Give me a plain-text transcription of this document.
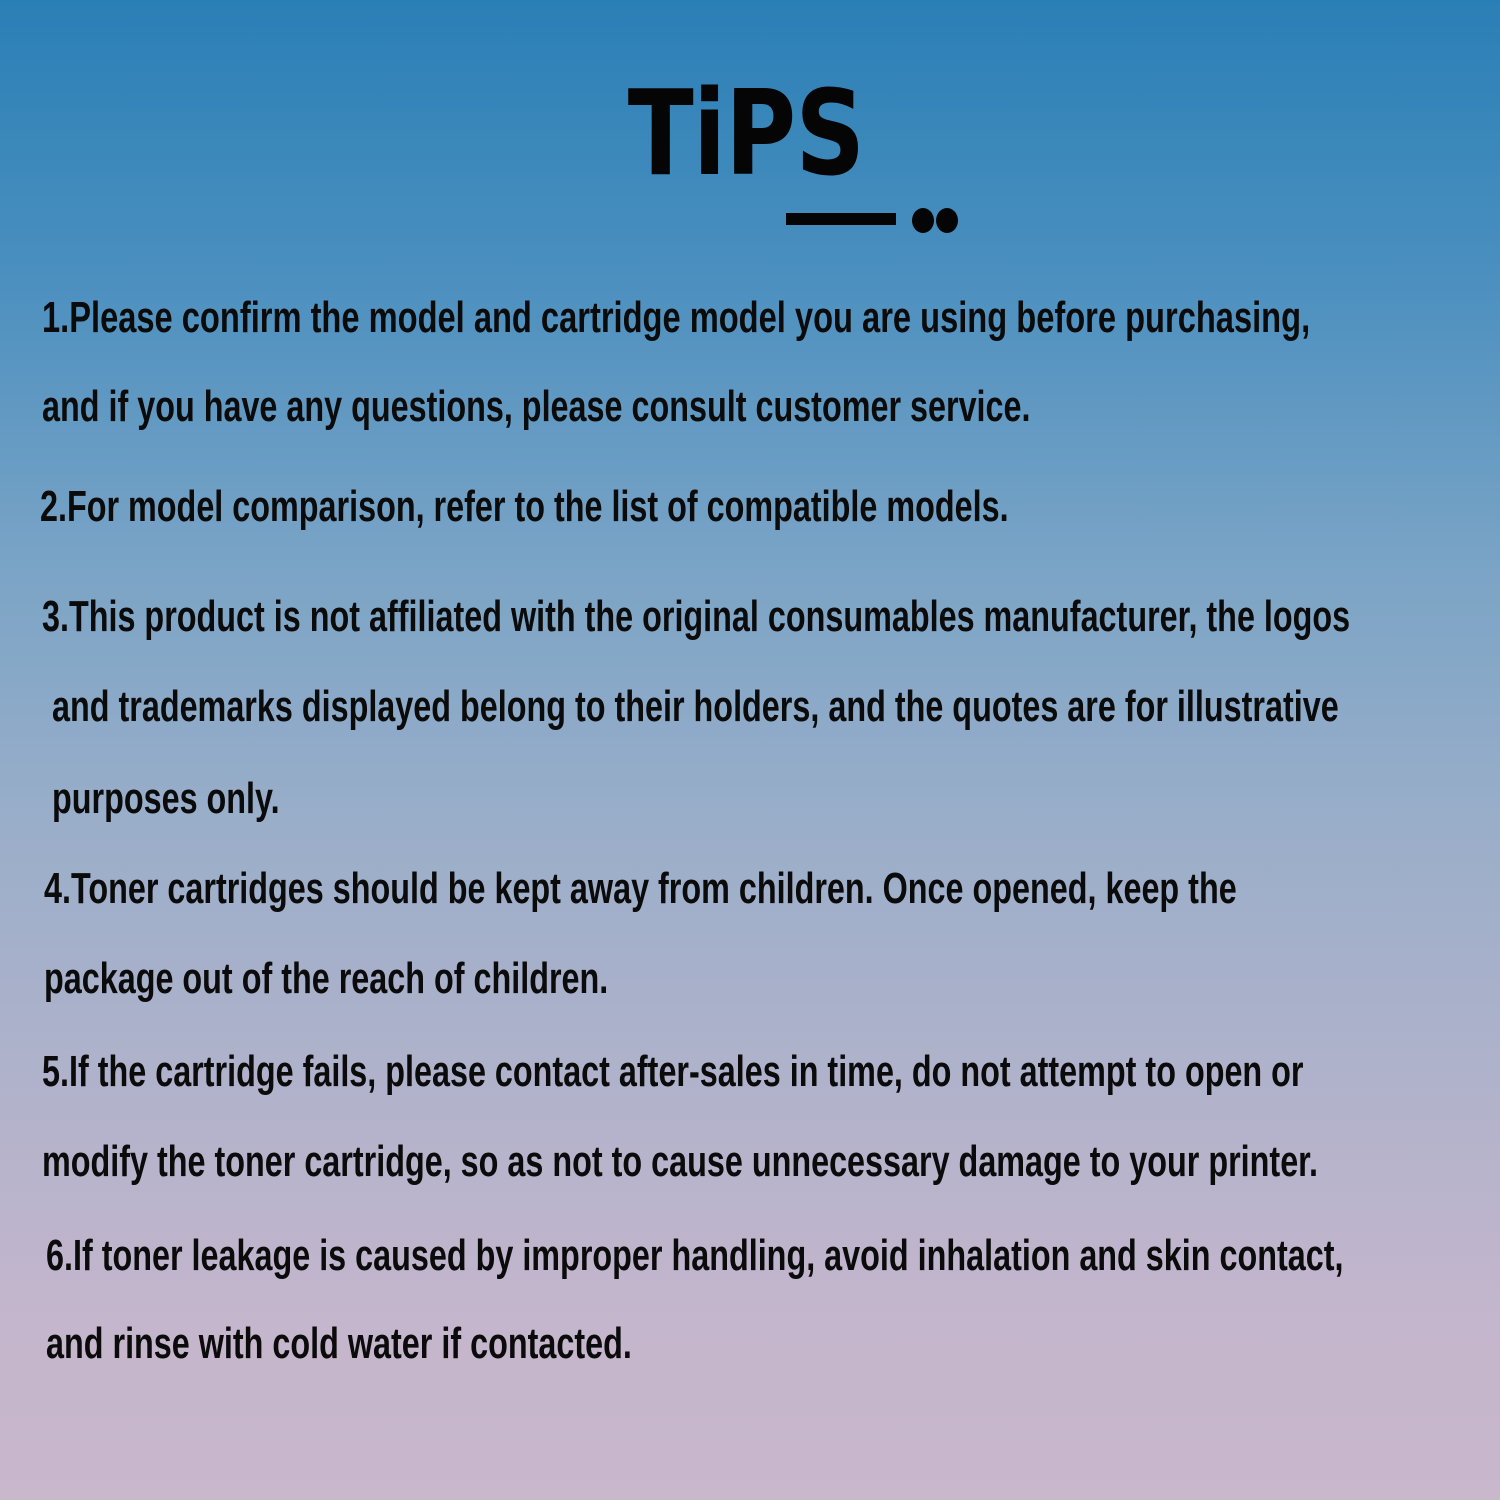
TiPS
1.Please confirm the model and cartridge model you are using before purchasing,
and if you have any questions, please consult customer service.
2.For model comparison, refer to the list of compatible models.
3.This product is not affiliated with the original consumables manufacturer, the logos
and trademarks displayed belong to their holders, and the quotes are for illustrative
purposes only.
4.Toner cartridges should be kept away from children. Once opened, keep the
package out of the reach of children.
5.If the cartridge fails, please contact after-sales in time, do not attempt to open or
modify the toner cartridge, so as not to cause unnecessary damage to your printer.
6.If toner leakage is caused by improper handling, avoid inhalation and skin contact,
and rinse with cold water if contacted.
